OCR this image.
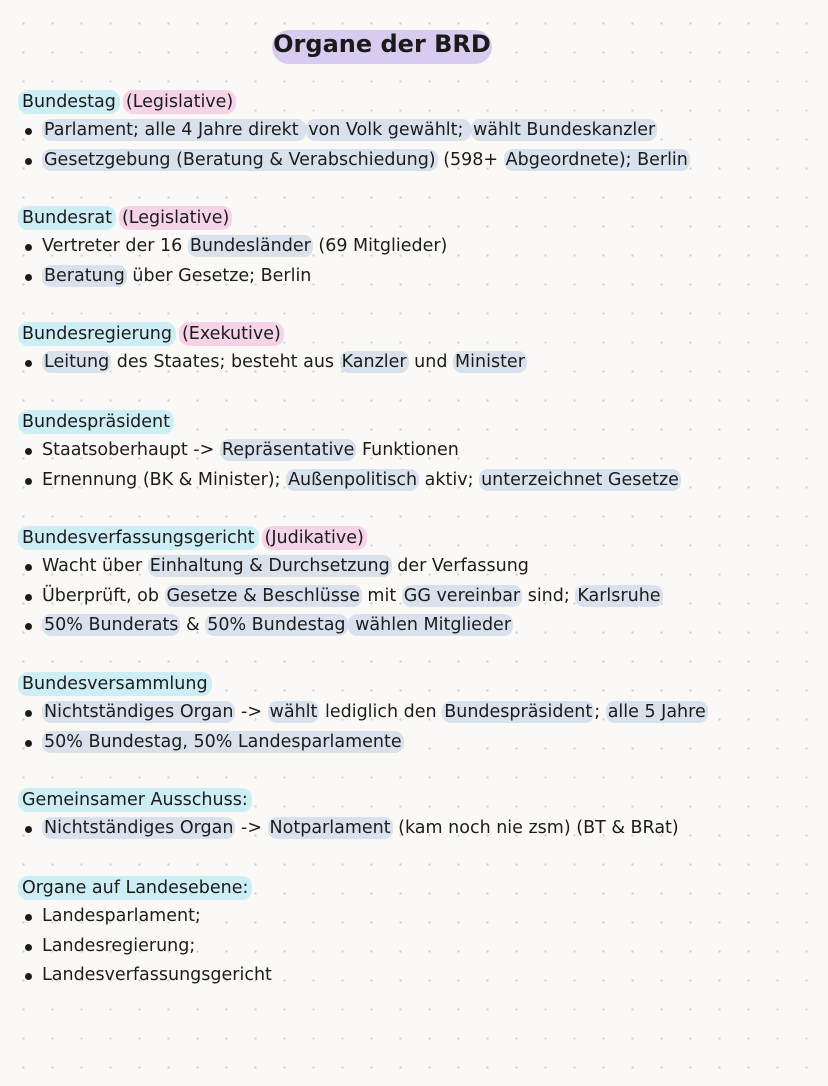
Organe der BRD
Bundestag (Legislative)
Parlament; alle 4 Jahre direkt von Volk gewählt; wählt Bundeskanzler
Gesetzgebung (Beratung & Verabschiedung) (598+ Abgeordnete); Berlin
Bundesrat (Legislative)
Vertreter der 16 Bundesländer (69 Mitglieder)
Beratung über Gesetze; Berlin
Bundesregierung (Exekutive)
Leitung des Staates; besteht aus Kanzler und Minister
Bundespräsident
Staatsoberhaupt -> Repräsentative Funktionen
Ernennung (BK & Minister); Außenpolitisch aktiv; unterzeichnet Gesetze
Bundesverfassungsgericht (Judikative)
Wacht über Einhaltung & Durchsetzung der Verfassung
Überprüft, ob Gesetze & Beschlüsse mit GG vereinbar sind; Karlsruhe
50% Bunderats & 50% Bundestag wählen Mitglieder
Bundesversammlung
Nichtständiges Organ -> wählt lediglich den Bundespräsident ; alle 5 Jahre
50% Bundestag, 50% Landesparlamente
Gemeinsamer Ausschuss:
Nichtständiges Organ -> Notparlament (kam noch nie zsm) (BT & BRat)
Organe auf Landesebene:
Landesparlament;
Landesregierung;
Landesverfassungsgericht
